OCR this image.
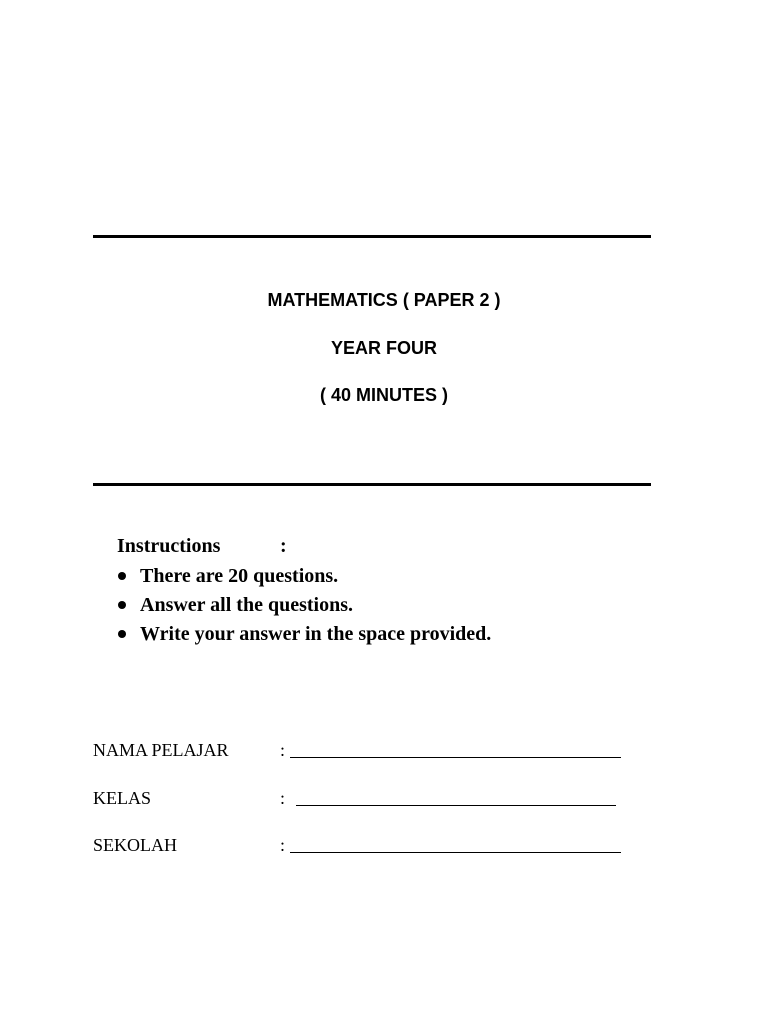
MATHEMATICS ( PAPER 2 )
YEAR FOUR
( 40 MINUTES )
Instructions	:
There are 20 questions.
Answer all the questions.
Write your answer in the space provided.
NAMA PELAJAR	:
KELAS	:
SEKOLAH	:
